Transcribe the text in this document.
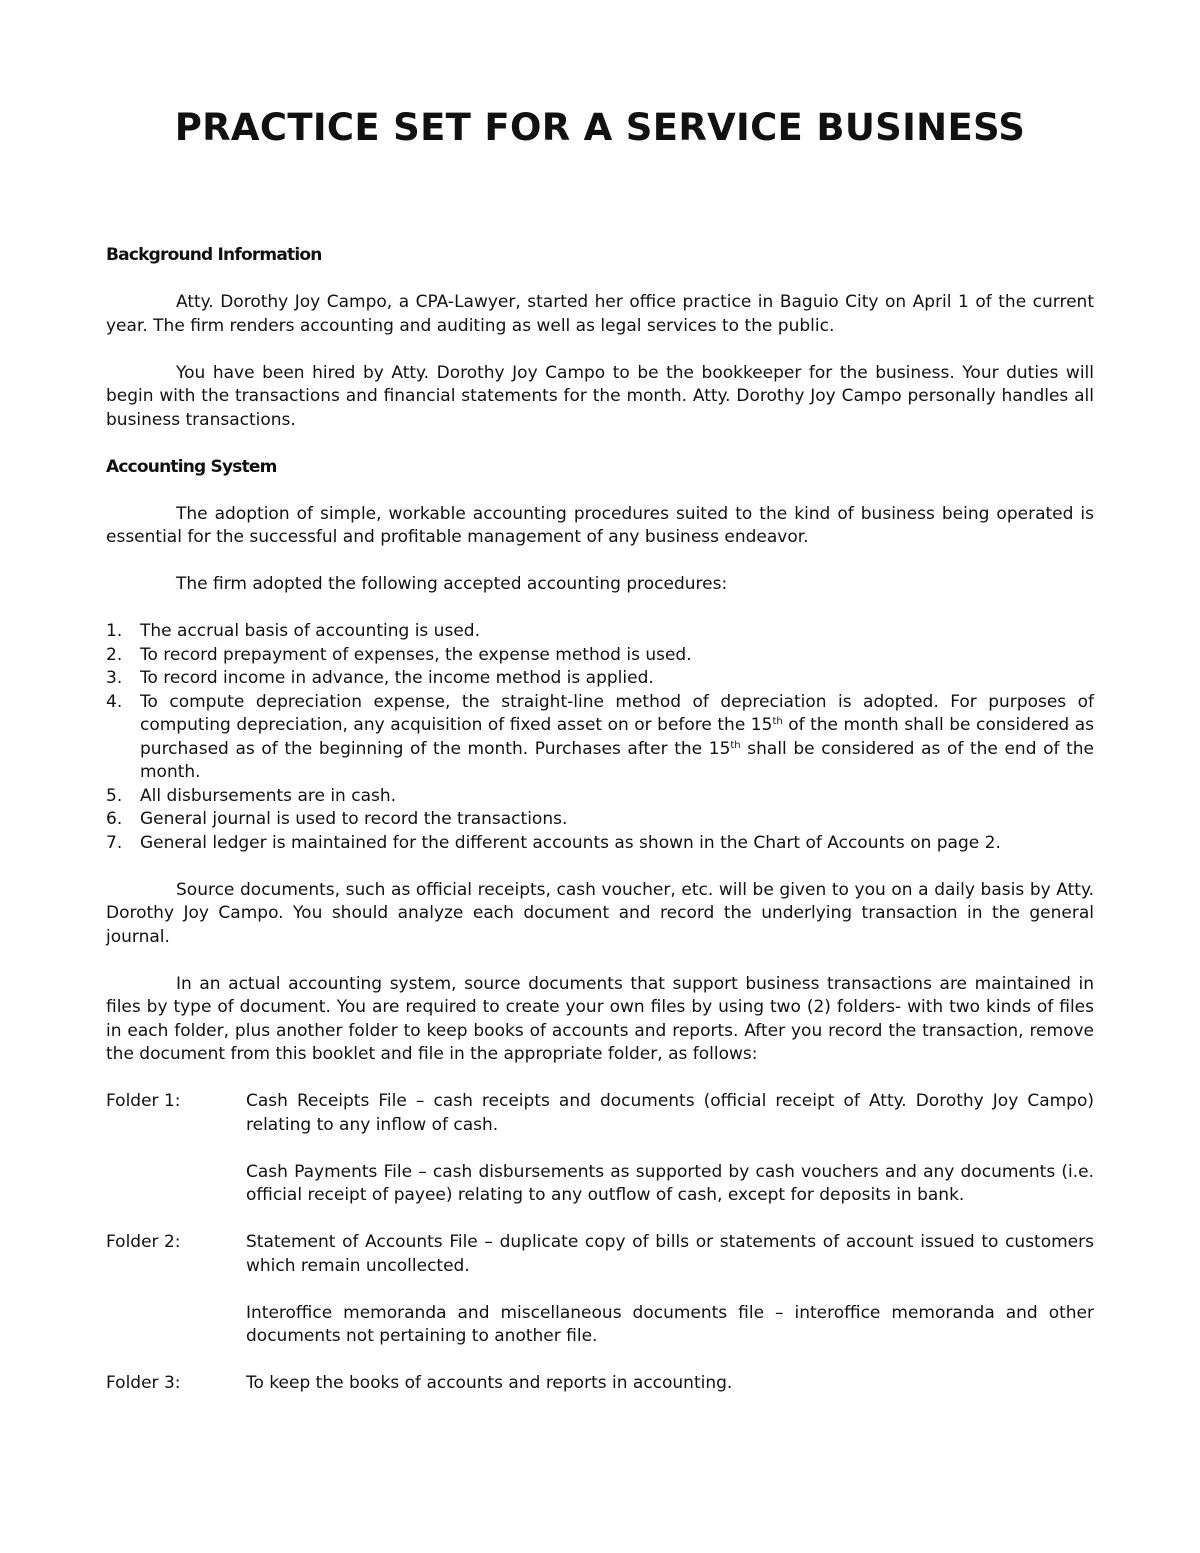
PRACTICE SET FOR A SERVICE BUSINESS
Background Information

Atty. Dorothy Joy Campo, a CPA-Lawyer, started her office practice in Baguio City on April 1 of the current year. The firm renders accounting and auditing as well as legal services to the public.

You have been hired by Atty. Dorothy Joy Campo to be the bookkeeper for the business. Your duties will begin with the transactions and financial statements for the month. Atty. Dorothy Joy Campo personally handles all business transactions.

Accounting System

The adoption of simple, workable accounting procedures suited to the kind of business being operated is essential for the successful and profitable management of any business endeavor.

The firm adopted the following accepted accounting procedures:

1. The accrual basis of accounting is used.
2. To record prepayment of expenses, the expense method is used.
3. To record income in advance, the income method is applied.
4. To compute depreciation expense, the straight-line method of depreciation is adopted. For purposes of computing depreciation, any acquisition of fixed asset on or before the 15th of the month shall be considered as purchased as of the beginning of the month. Purchases after the 15th shall be considered as of the end of the month.
5. All disbursements are in cash.
6. General journal is used to record the transactions.
7. General ledger is maintained for the different accounts as shown in the Chart of Accounts on page 2.

Source documents, such as official receipts, cash voucher, etc. will be given to you on a daily basis by Atty. Dorothy Joy Campo. You should analyze each document and record the underlying transaction in the general journal.

In an actual accounting system, source documents that support business transactions are maintained in files by type of document. You are required to create your own files by using two (2) folders- with two kinds of files in each folder, plus another folder to keep books of accounts and reports. After you record the transaction, remove the document from this booklet and file in the appropriate folder, as follows:

Folder 1:	Cash Receipts File – cash receipts and documents (official receipt of Atty. Dorothy Joy Campo) relating to any inflow of cash.

Cash Payments File – cash disbursements as supported by cash vouchers and any documents (i.e. official receipt of payee) relating to any outflow of cash, except for deposits in bank.

Folder 2:	Statement of Accounts File – duplicate copy of bills or statements of account issued to customers which remain uncollected.

Interoffice memoranda and miscellaneous documents file – interoffice memoranda and other documents not pertaining to another file.

Folder 3:	To keep the books of accounts and reports in accounting.
